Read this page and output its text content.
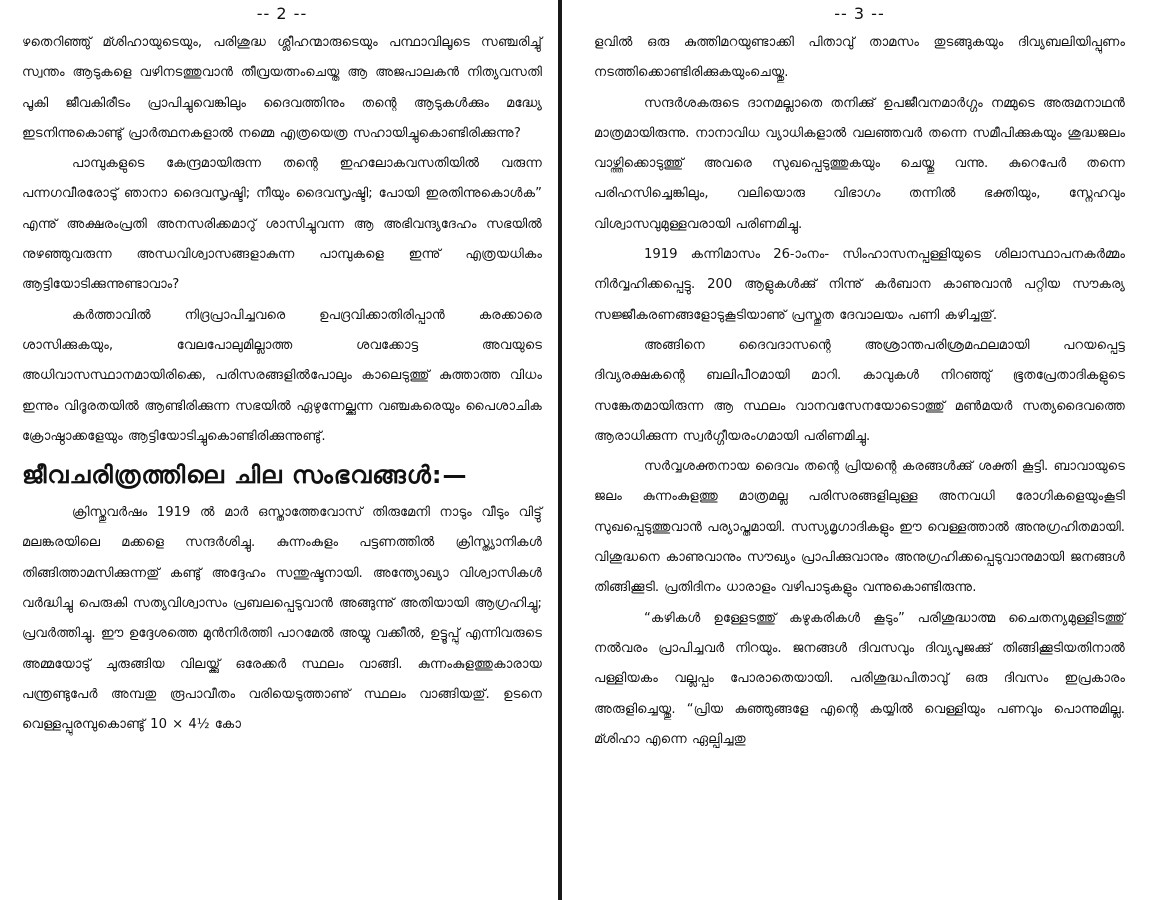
-- 2 --

ഴതെറിഞ്ഞു് മ്ശിഹായുടെയും, പരിശുദ്ധ ശ്ലീഹന്മാരുടെയും പന്ഥാവിലൂടെ സഞ്ചരിച്ചു് സ്വന്തം ആടുകളെ വഴിനടത്തുവാൻ തീവ്രയത്നംചെയ്ത ആ അജപാലകൻ നിത്യവസതി പൂകി ജീവകിരീടം പ്രാപിച്ചുവെങ്കിലും ദൈവത്തിനും തന്റെ ആടുകൾക്കും മദ്ധ്യേ ഇടനിന്നുകൊണ്ടു് പ്രാർത്ഥനകളാൽ നമ്മെ എത്രയെത്ര സഹായിച്ചുകൊണ്ടിരിക്കുന്നു?

പാമ്പുകളുടെ കേന്ദ്രമായിരുന്ന തന്റെ ഇഹലോകവസതിയിൽ വരുന്ന പന്നഗവീരരോടു് ഞാനാ ദൈവസൃഷ്ടി; നീയും ദൈവസൃഷ്ടി; പോയി ഇരതിന്നുകൊൾക” എന്നു് അക്ഷരംപ്രതി അനസരിക്കമാറു് ശാസിച്ചുവന്ന ആ അഭിവന്ദ്യദേഹം സഭയിൽ നുഴഞ്ഞുവരുന്ന അന്ധവിശ്വാസങ്ങളാകുന്ന പാമ്പുകളെ ഇന്നു് എത്രയധികം ആട്ടിയോടിക്കുന്നുണ്ടാവാം?

കർത്താവിൽ നിദ്രപ്രാപിച്ചവരെ ഉപദ്രവിക്കാതിരിപ്പാൻ കരക്കാരെ ശാസിക്കുകയും, വേലപോലുമില്ലാത്ത ശവക്കോട്ട അവയുടെ അധിവാസസ്ഥാനമായിരിക്കെ, പരിസരങ്ങളിൽപോലും കാലെടുത്തു് കുത്താത്ത വിധം ഇന്നും വിദൂരതയിൽ ആണ്ടിരിക്കുന്ന സഭയിൽ ഏഴുന്നേല്ക്കുന്ന വഞ്ചകരെയും പൈശാചിക ക്രോഷ്ഠാക്കളേയും ആട്ടിയോടിച്ചുകൊണ്ടിരിക്കുന്നുണ്ടു്.

ജീവചരിത്രത്തിലെ ചില സംഭവങ്ങൾ:—

ക്രിസ്തുവർഷം 1919 ൽ മാർ ഒസ്താത്തേവോസ് തിരുമേനി നാടും വീടും വിട്ടു് മലങ്കരയിലെ മക്കളെ സന്ദർശിച്ചു. കുന്നംകുളം പട്ടണത്തിൽ ക്രിസ്ത്യാനികൾ തിങ്ങിത്താമസിക്കുന്നതു് കണ്ടു് അദ്ദേഹം സന്തുഷ്ടനായി. അന്ത്യോഖ്യാ വിശ്വാസികൾ വർദ്ധിച്ചു പെരുകി സത്യവിശ്വാസം പ്രബലപ്പെടുവാൻ അങ്ങുന്നു് അതിയായി ആഗ്രഹിച്ചു; പ്രവർത്തിച്ചു. ഈ ഉദ്ദേശത്തെ മുൻനിർത്തി പാറമേൽ അയ്യു വക്കീൽ, ഉട്ടൂപ്പു് എന്നിവരുടെ അമ്മയോടു് ചുരുങ്ങിയ വിലയ്ക്കു് ഒരേക്കർ സ്ഥലം വാങ്ങി. കുന്നംകുളത്തുകാരായ പന്ത്രണ്ടുപേർ അമ്പതു രൂപാവീതം വരിയെടുത്താണു് സ്ഥലം വാങ്ങിയതു്. ഉടനെ വെള്ളപ്പുരമ്പുകൊണ്ടു് 10 × 4½ കോ

-- 3 --

ളവിൽ ഒരു കുത്തിമറയുണ്ടാക്കി പിതാവു് താമസം തുടങ്ങുകയും ദിവ്യബലിയിപ്പുണം നടത്തിക്കൊണ്ടിരിക്കുകയുംചെയ്തു.

സന്ദർശകരുടെ ദാനമല്ലാതെ തനിക്കു് ഉപജീവനമാർഗ്ഗം നമ്മുടെ അരുമനാഥൻ മാത്രമായിരുന്നു. നാനാവിധ വ്യാധികളാൽ വലഞ്ഞവർ തന്നെ സമീപിക്കുകയും ശുദ്ധജലം വാഴ്ത്തിക്കൊടുത്തു് അവരെ സുഖപ്പെടുത്തുകയും ചെയ്തു വന്നു. കുറെപേർ തന്നെ പരിഹസിച്ചെങ്കിലും, വലിയൊരു വിഭാഗം തന്നിൽ ഭക്തിയും, സ്നേഹവും വിശ്വാസവുമുള്ളവരായി പരിണമിച്ചു.

1919 കന്നിമാസം 26-ാംനം- സിംഹാസനപ്പള്ളിയുടെ ശിലാസ്ഥാപനകർമ്മം നിർവ്വഹിക്കപ്പെട്ടു. 200 ആളുകൾക്കു് നിന്നു് കർബാന കാണുവാൻ പറ്റിയ സൗകര്യ സജ്ജീകരണങ്ങളോടുകൂടിയാണു് പ്രസ്തുത ദേവാലയം പണി കഴിച്ചതു്.

അങ്ങിനെ ദൈവദാസന്റെ അശ്രാന്തപരിശ്രമഫലമായി പറയപ്പെട്ട ദിവ്യരക്ഷകന്റെ ബലിപീഠമായി മാറി. കാവുകൾ നിറഞ്ഞു് ഭൂതപ്രേതാദികളുടെ സങ്കേതമായിരുന്ന ആ സ്ഥലം വാനവസേനയോടൊത്തു് മൺമയർ സത്യദൈവത്തെ ആരാധിക്കുന്ന സ്വർഗ്ഗീയരംഗമായി പരിണമിച്ചു.

സർവ്വശക്തനായ ദൈവം തന്റെ പ്രിയന്റെ കരങ്ങൾക്കു് ശക്തി കൂട്ടി. ബാവായുടെ ജലം കുന്നംകുളത്തു മാത്രമല്ല പരിസരങ്ങളിലുള്ള അനവധി രോഗികളെയുംകൂടി സുഖപ്പെടുത്തുവാൻ പര്യാപ്തമായി. സസ്യമൃഗാദികളും ഈ വെള്ളത്താൽ അനുഗ്രഹിതമായി. വിശുദ്ധനെ കാണുവാനും സൗഖ്യം പ്രാപിക്കുവാനും അനുഗ്രഹിക്കപ്പെടുവാനുമായി ജനങ്ങൾ തിങ്ങിക്കൂടി. പ്രതിദിനം ധാരാളം വഴിപാടുകളും വന്നുകൊണ്ടിരുന്നു.

“കഴികൾ ഉള്ളേടത്തു് കഴുകരികൾ കൂടും” പരിശുദ്ധാത്മ ചൈതന്യമുള്ളിടത്തു് നൽവരം പ്രാപിച്ചവർ നിറയും. ജനങ്ങൾ ദിവസവും ദിവ്യപൂജക്കു് തിങ്ങിക്കൂടിയതിനാൽ പള്ളിയകം വല്ലപ്പം പോരാതെയായി. പരിശുദ്ധപിതാവു് ഒരു ദിവസം ഇപ്രകാരം അരുളിച്ചെയ്തു. “പ്രിയ കുഞ്ഞുങ്ങളേ എന്റെ കയ്യിൽ വെള്ളിയും പണവും പൊന്നുമില്ല. മ്ശിഹാ എന്നെ ഏല്പിച്ചതു
